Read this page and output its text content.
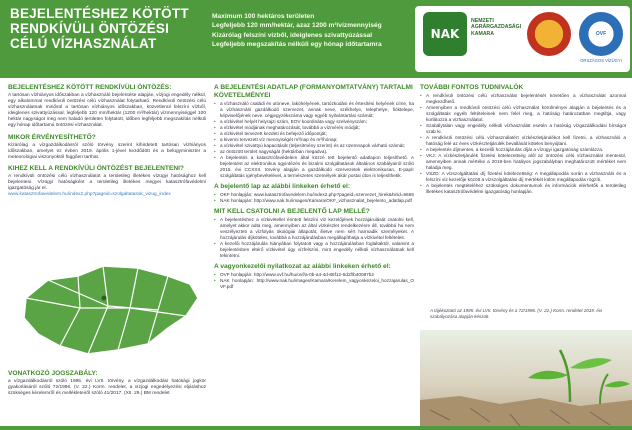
BEJELENTÉSHEZ KÖTÖTT
RENDKÍVÜLI ÖNTÖZÉSI
CÉLÚ VÍZHASZNÁLAT
Maximum 100 hektáros területen
Legfeljebb 120 mm/hektár, azaz 1200 m³/vízmennyiség
Kizárólag felszíni vízből, ideiglenes szivattyúzással
Legfeljebb megszakítás nélküli egy hónap időtartamra
NAK
NEMZETI AGRÁRGAZDASÁGI KAMARA	OVF
ORSZÁGOS VÍZÜGYI
BEJELENTÉSHEZ KÖTÖTT RENDKÍVÜLI ÖNTÖZÉS:
A tartósan vízhiányos időszakban a vízhasználó bejelentése alapján, vízjogi engedély nélkül, egy alkalommal rendkívüli öntözési célú vízhasználat folytatható. Rendkívüli öntözési célú vízhasználatnak minősül a tartósan vízhiányos időszakban, közvetlenül felszíni vízből, ideiglenes szivattyúzással, legfeljebb 120 mm/hektár (1200 m³/hektár) vízmennyiséggel 100 hektár nagyságot meg nem haladó területen folytatott, időben legfeljebb megszakítás nélküli egy hónap időtartamú öntözési vízhasználat.
MIKOR ÉRVÉNYESÍTHETŐ?
Kizárólag a vízgazdálkodásról szóló törvény szerint kihirdetett tartósan vízhiányos időszakban, amelyet ez évben 2019. április 1-jével kezdődött és a belügyminiszter a meteorológiai viszonyoktól függően tarthat.
KIHEZ KELL A RENDKÍVÜLI ÖNTÖZÉST BEJELENTENI?
A rendkívüli öntözési célú vízhasználatot a területileg illetékes vízügyi hatósághoz kell bejelenteni. Vízügyi hatóságként a területileg illetékes megyei katasztrófavédelmi igazgatóság jár el.
www.katasztrofavedelem.hu/index2.php?pageid=szolgaltatasok_vizug_index
VONATKOZÓ JOGSZABÁLY:
a vízgazdálkodásról szóló 1995. évi LVII. törvény, a vízgazdálkodási hatósági jogkör gyakorlásáról szóló 72/1996. (V. 22.) Korm. rendelet, a vízjogi engedélyezési eljáráshoz szükséges kérelemről és mellékleteiről szóló 41/2017. (XII. 29.) BM rendelet
A BEJELENTÉSI ADATLAP (FORMANYOMTATVÁNY) TARTALMI KÖVETELMÉNYEI
• a vízhasználó családi és utóneve, lakóhelyének, tartózkodási és értesítési helyének címe, ha a vízhasználó gazdálkodó szervezet, annak neve, székhelye, telephelye, fióktelepe, képviselőjének neve, cégjegyzékszáma vagy egyéb nyilvántartási számát;
• a vízkivétel helyét helyrajzi szám, EOV koordináta vagy szelvényszám;
• a vízkivétel módjának meghatározását, továbbá a vízmérés módját;
• a vízkivétel tervezett kezdeti és befejező időpontját;
• a kivenni tervezett víz mennyiségét m³/nap és m³/hónap;
• a vízkivétel szivattyú kapacitását (teljesítmény szerint) és az üzemnapok várható számát;
• az öntözött terület nagyságát (hektárban megadva).
• A bejelentés a katasztrófavédelem által közzé tett bejelentő adatlapon teljesíthető. A bejelentést az elektronikus ügyintézés és bizalmi szolgáltatások általános szabályairól szóló 2015. évi CCXXII. törvény alapján a gazdálkodó szervezetek elektronikusan, E-papír szolgáltatás igénybevételével, a természetes személyek akár postai úton is teljesíthetik.
A bejelentő lap az alábbi linkeken érhető el:
• OKF honlapján: www.katasztrofavedelem.hu/index2.php?pageid=szervezet_hirek&hirid=6669
• NAK honlapján: http://www.nak.hu/images/Kamara/OKF_vizhasznalat_bejelento_adatlap.pdf
MIT KELL CSATOLNI A BEJELENTŐ LAP MELLÉ?
• A bejelentéshez a vízkivétellel érintett felszíni víz kezelőjének hozzájárulását csatolni kell, amelyet akkor adta meg, amennyiben az által vízkészlet rendelkezésre áll, továbbá ha nem veszélyezteti a vízfolyás ökológiai állapotát, illetve nem sért harmadik személyeket. A hozzájárulás díjköteles, továbbá a hozzájárulásban megállapíthatja a vízkivétel feltételeit.
• A kezelői hozzájárulás hiányában folytatott vagy a hozzájárulásban foglaltaktól, valamint a bejelentésben eltérő vízkivétel úgy vízfelszíni, mint engedély nélküli vízhasználatnak kell tekintetni.
A vagyonkezelői nyilatkozat az alábbi linkeken érhető el:
• OVF honlapján: http://www.ovf.hu/hu/ovf/a-0b-a4-4d-86f12-6d2f/b40087b2
• NAK honlapján: http://www.nak.hu/images/Kamara/Kerelem_vagyonkezeloi_hozzajarulas_OVF.pdf
TOVÁBBI FONTOS TUDNIVALÓK
• A rendkívüli öntözési célú vízhasználat bejelentését követően a vízhasználat azonnal megkezdhető.
• Amennyiben a rendkívüli öntözési célú vízhasználat körülményei alapján a bejelentés és a szolgáltatás egyéb feltételeinek nem felel meg, a hatóság határozatban megtiltja, vagy korlátozza a vízhasználatot.
• Szabálytalan vagy engedély nélküli vízhasználat esetén a hatóság vízgazdálkodási bírságot szab ki.
• A rendkívüli öntözési célú vízhasználatért vízkészletjárulékot kell fizetni, a vízhasználó a hatóság felé az éves vízkészletjárulék bevallását köteles benyújtani.
• A bejelentés díjmentes, a kezelői hozzájárulás díját a vízügyi igazgatóság számlázza.
• VKJ: A vízkészletjárulék fizetési kötelezettség alól az öntözési célú vízhasználat mentesül, amennyiben annak mértéke a 2019-ben hatályos jogszabályban meghatározott mértéket nem haladja meg.
• VSZD: A vízszolgáltatási díj fizetési kötelezettség: A megállapodás során a vízhasználó és a felszíni víz kezelője között a vízszolgáltatási díj mértékét külön megállapodás rögzíti.
• A bejelentés megtételéhez szükséges dokumentumok és információk elérhetők a területileg illetékes katasztrófavédelmi igazgatóság honlapján.
A tájékoztató az 1995. évi LVII. törvény és a 72/1996. (V. 22.) Korm. rendelet 2019. évi szabályozása alapján készült.
